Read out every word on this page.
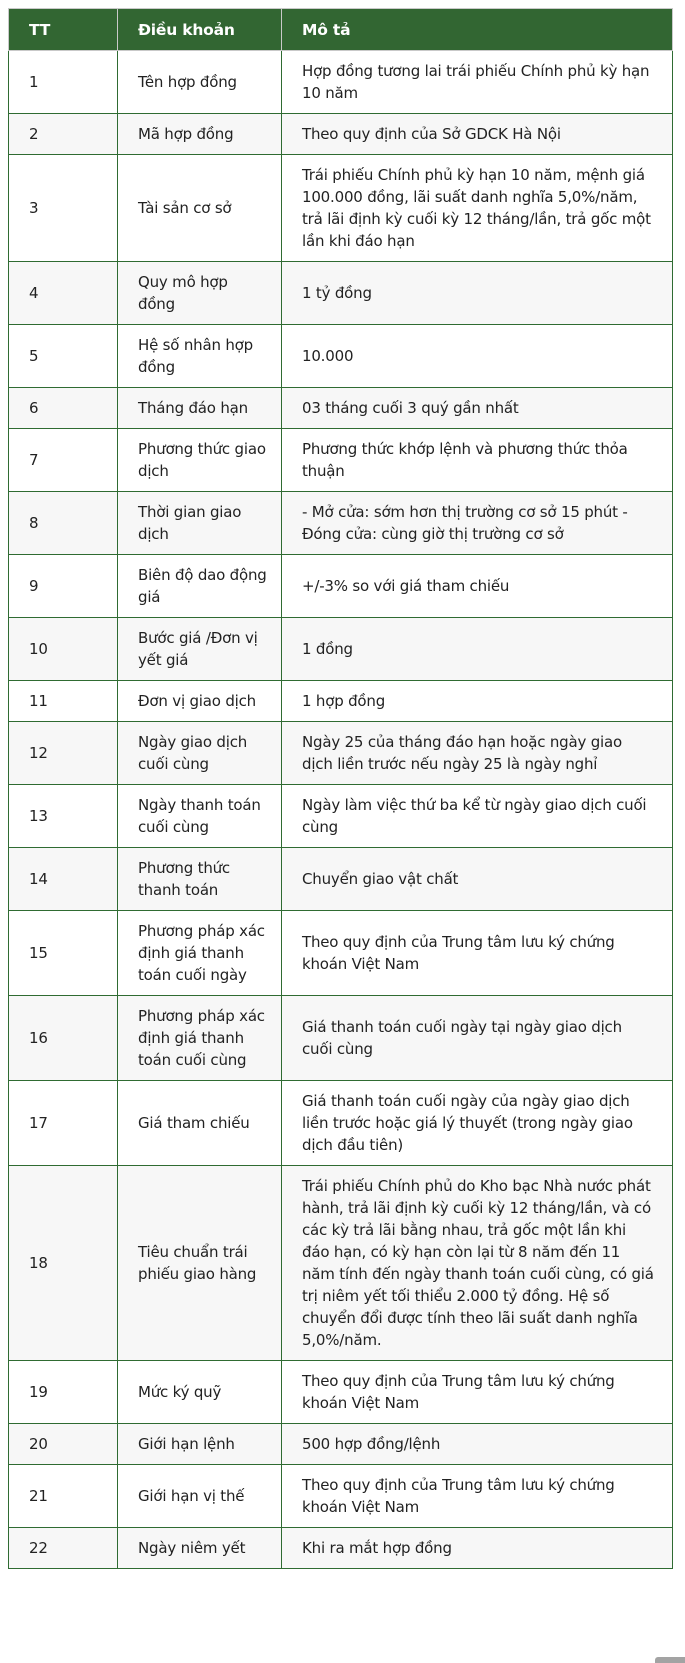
TT	Điều khoản	Mô tả
1	Tên hợp đồng	Hợp đồng tương lai trái phiếu Chính phủ kỳ hạn 10 năm
2	Mã hợp đồng	Theo quy định của Sở GDCK Hà Nội
3	Tài sản cơ sở	Trái phiếu Chính phủ kỳ hạn 10 năm, mệnh giá 100.000 đồng, lãi suất danh nghĩa 5,0%/năm, trả lãi định kỳ cuối kỳ 12 tháng/lần, trả gốc một lần khi đáo hạn
4	Quy mô hợp đồng	1 tỷ đồng
5	Hệ số nhân hợp đồng	10.000
6	Tháng đáo hạn	03 tháng cuối 3 quý gần nhất
7	Phương thức giao dịch	Phương thức khớp lệnh và phương thức thỏa thuận
8	Thời gian giao dịch	- Mở cửa: sớm hơn thị trường cơ sở 15 phút - Đóng cửa: cùng giờ thị trường cơ sở
9	Biên độ dao động giá	+/-3% so với giá tham chiếu
10	Bước giá /Đơn vị yết giá	1 đồng
11	Đơn vị giao dịch	1 hợp đồng
12	Ngày giao dịch cuối cùng	Ngày 25 của tháng đáo hạn hoặc ngày giao dịch liền trước nếu ngày 25 là ngày nghỉ
13	Ngày thanh toán cuối cùng	Ngày làm việc thứ ba kể từ ngày giao dịch cuối cùng
14	Phương thức thanh toán	Chuyển giao vật chất
15	Phương pháp xác định giá thanh toán cuối ngày	Theo quy định của Trung tâm lưu ký chứng khoán Việt Nam
16	Phương pháp xác định giá thanh toán cuối cùng	Giá thanh toán cuối ngày tại ngày giao dịch cuối cùng
17	Giá tham chiếu	Giá thanh toán cuối ngày của ngày giao dịch liền trước hoặc giá lý thuyết (trong ngày giao dịch đầu tiên)
18	Tiêu chuẩn trái phiếu giao hàng	Trái phiếu Chính phủ do Kho bạc Nhà nước phát hành, trả lãi định kỳ cuối kỳ 12 tháng/lần, và có các kỳ trả lãi bằng nhau, trả gốc một lần khi đáo hạn, có kỳ hạn còn lại từ 8 năm đến 11 năm tính đến ngày thanh toán cuối cùng, có giá trị niêm yết tối thiểu 2.000 tỷ đồng. Hệ số chuyển đổi được tính theo lãi suất danh nghĩa 5,0%/năm.
19	Mức ký quỹ	Theo quy định của Trung tâm lưu ký chứng khoán Việt Nam
20	Giới hạn lệnh	500 hợp đồng/lệnh
21	Giới hạn vị thế	Theo quy định của Trung tâm lưu ký chứng khoán Việt Nam
22	Ngày niêm yết	Khi ra mắt hợp đồng
